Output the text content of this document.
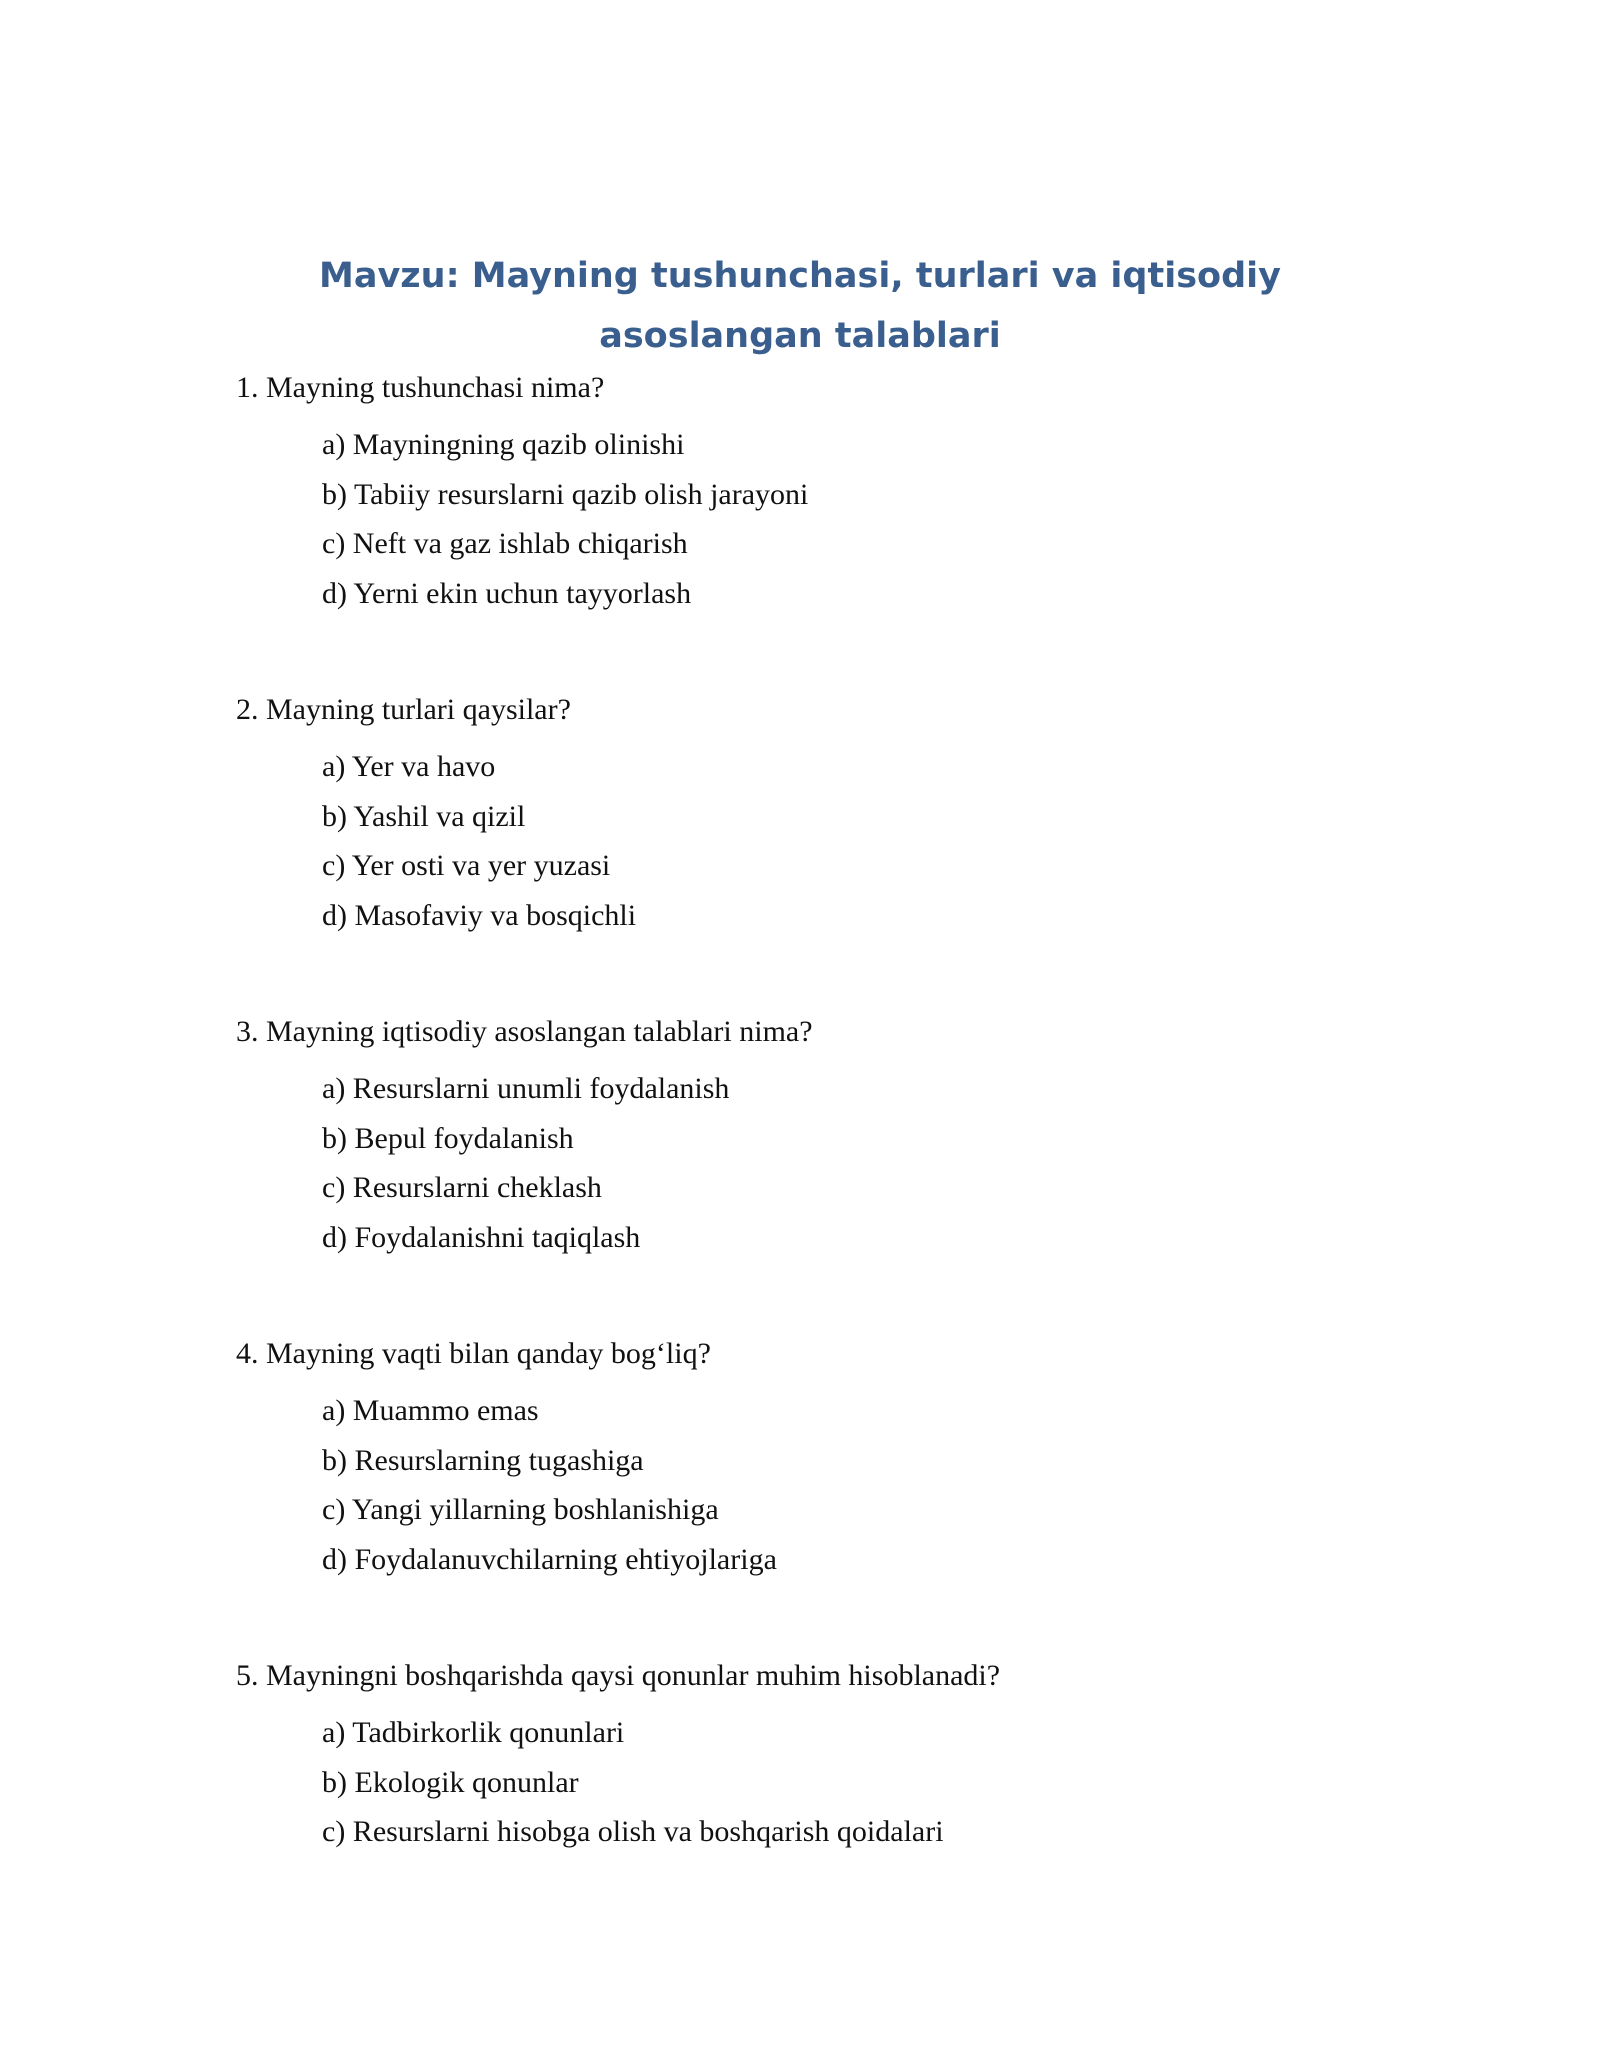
Mavzu: Mayning tushunchasi, turlari va iqtisodiy asoslangan talablari

1. Mayning tushunchasi nima?

a) Mayningning qazib olinishi
b) Tabiiy resurslarni qazib olish jarayoni
c) Neft va gaz ishlab chiqarish
d) Yerni ekin uchun tayyorlash

2. Mayning turlari qaysilar?

a) Yer va havo
b) Yashil va qizil
c) Yer osti va yer yuzasi
d) Masofaviy va bosqichli

3. Mayning iqtisodiy asoslangan talablari nima?

a) Resurslarni unumli foydalanish
b) Bepul foydalanish
c) Resurslarni cheklash
d) Foydalanishni taqiqlash

4. Mayning vaqti bilan qanday bog‘liq?

a) Muammo emas
b) Resurslarning tugashiga
c) Yangi yillarning boshlanishiga
d) Foydalanuvchilarning ehtiyojlariga

5. Mayningni boshqarishda qaysi qonunlar muhim hisoblanadi?

a) Tadbirkorlik qonunlari
b) Ekologik qonunlar
c) Resurslarni hisobga olish va boshqarish qoidalari
